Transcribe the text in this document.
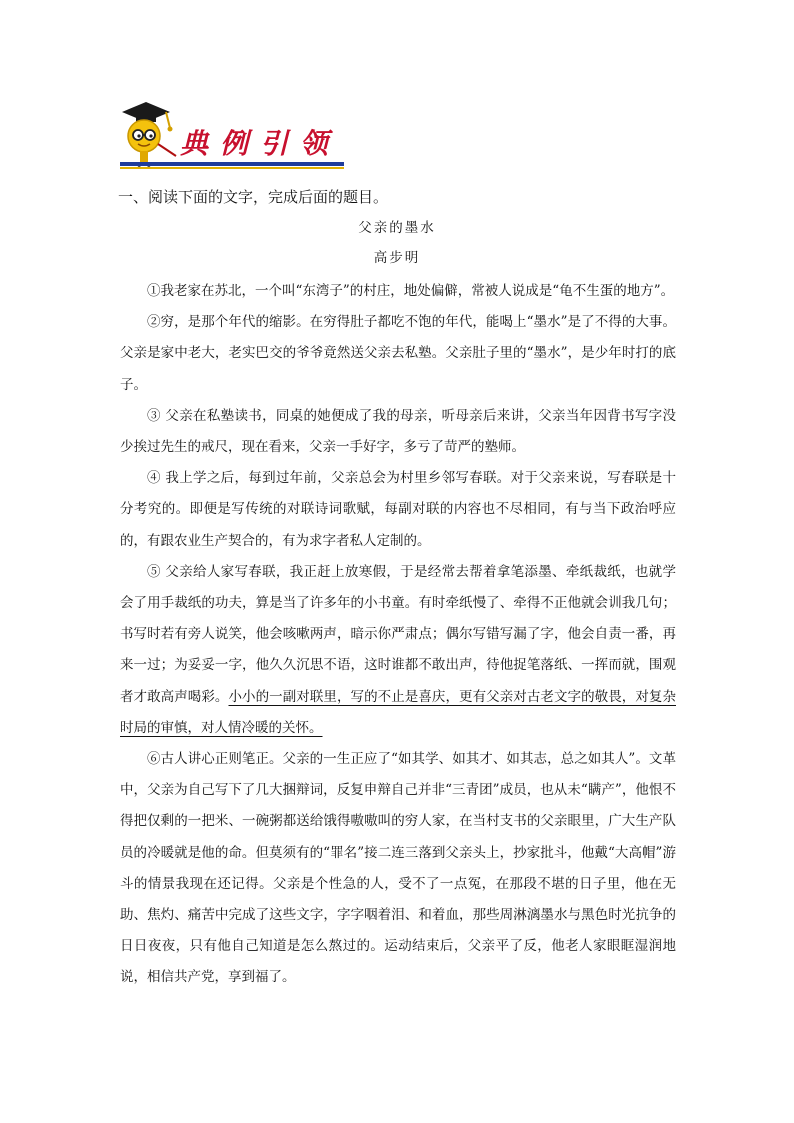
典例引领
一、阅读下面的文字，完成后面的题目。
父亲的墨水
高步明

①我老家在苏北，一个叫“东湾子”的村庄，地处偏僻，常被人说成是“龟不生蛋的地方”。

②穷，是那个年代的缩影。在穷得肚子都吃不饱的年代，能喝上“墨水”是了不得的大事。父亲是家中老大，老实巴交的爷爷竟然送父亲去私塾。父亲肚子里的“墨水”，是少年时打的底子。

③ 父亲在私塾读书，同桌的她便成了我的母亲，听母亲后来讲，父亲当年因背书写字没少挨过先生的戒尺，现在看来，父亲一手好字，多亏了苛严的塾师。

④ 我上学之后，每到过年前，父亲总会为村里乡邻写春联。对于父亲来说，写春联是十分考究的。即便是写传统的对联诗词歌赋，每副对联的内容也不尽相同，有与当下政治呼应的，有跟农业生产契合的，有为求字者私人定制的。

⑤ 父亲给人家写春联，我正赶上放寒假，于是经常去帮着拿笔添墨、牵纸裁纸，也就学会了用手裁纸的功夫，算是当了许多年的小书童。有时牵纸慢了、牵得不正他就会训我几句；书写时若有旁人说笑，他会咳嗽两声，暗示你严肃点；偶尔写错写漏了字，他会自责一番，再来一过；为妥妥一字，他久久沉思不语，这时谁都不敢出声，待他捉笔落纸、一挥而就，围观者才敢高声喝彩。小小的一副对联里，写的不止是喜庆，更有父亲对古老文字的敬畏，对复杂时局的审慎，对人情冷暖的关怀。

⑥古人讲心正则笔正。父亲的一生正应了“如其学、如其才、如其志，总之如其人”。文革中，父亲为自己写下了几大捆辩词，反复申辩自己并非“三青团”成员，也从未“瞒产”，他恨不得把仅剩的一把米、一碗粥都送给饿得嗷嗷叫的穷人家，在当村支书的父亲眼里，广大生产队员的冷暖就是他的命。但莫须有的“罪名”接二连三落到父亲头上，抄家批斗，他戴“大高帽”游斗的情景我现在还记得。父亲是个性急的人，受不了一点冤，在那段不堪的日子里，他在无助、焦灼、痛苦中完成了这些文字，字字咽着泪、和着血，那些周淋漓墨水与黑色时光抗争的日日夜夜，只有他自己知道是怎么熬过的。运动结束后，父亲平了反，他老人家眼眶湿润地说，相信共产党，享到福了。
